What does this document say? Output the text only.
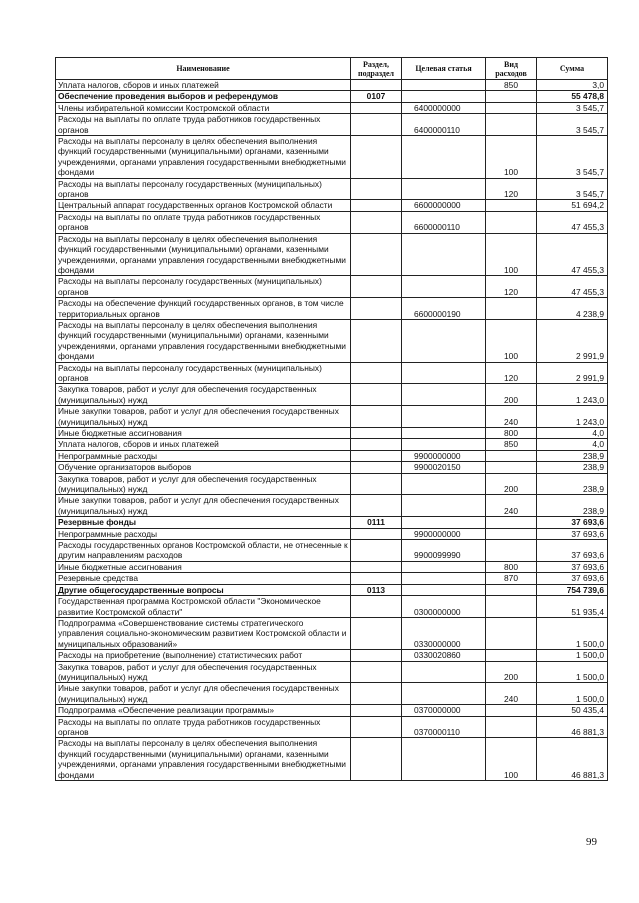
Наименование	Раздел, подраздел	Целевая статья	Вид расходов	Сумма
Уплата налогов, сборов и иных платежей			850	3,0
Обеспечение проведения выборов и референдумов	0107			55 478,8
Члены избирательной комиссии Костромской области		6400000000		3 545,7
Расходы на выплаты по оплате труда работников государственных органов		6400000110		3 545,7
Расходы на выплаты персоналу в целях обеспечения выполнения функций государственными (муниципальными) органами, казенными учреждениями, органами управления государственными внебюджетными фондами			100	3 545,7
Расходы на выплаты персоналу государственных (муниципальных) органов			120	3 545,7
Центральный аппарат государственных органов Костромской области		6600000000		51 694,2
Расходы на выплаты по оплате труда работников государственных органов		6600000110		47 455,3
Расходы на выплаты персоналу в целях обеспечения выполнения функций государственными (муниципальными) органами, казенными учреждениями, органами управления государственными внебюджетными фондами			100	47 455,3
Расходы на выплаты персоналу государственных (муниципальных) органов			120	47 455,3
Расходы на обеспечение функций государственных органов, в том числе территориальных органов		6600000190		4 238,9
Расходы на выплаты персоналу в целях обеспечения выполнения функций государственными (муниципальными) органами, казенными учреждениями, органами управления государственными внебюджетными фондами			100	2 991,9
Расходы на выплаты персоналу государственных (муниципальных) органов			120	2 991,9
Закупка товаров, работ и услуг для обеспечения государственных (муниципальных) нужд			200	1 243,0
Иные закупки товаров, работ и услуг для обеспечения государственных (муниципальных) нужд			240	1 243,0
Иные бюджетные ассигнования			800	4,0
Уплата налогов, сборов и иных платежей			850	4,0
Непрограммные расходы		9900000000		238,9
Обучение организаторов выборов		9900020150		238,9
Закупка товаров, работ и услуг для обеспечения государственных (муниципальных) нужд			200	238,9
Иные закупки товаров, работ и услуг для обеспечения государственных (муниципальных) нужд			240	238,9
Резервные фонды	0111			37 693,6
Непрограммные расходы		9900000000		37 693,6
Расходы государственных органов Костромской области, не отнесенные к другим направлениям расходов		9900099990		37 693,6
Иные бюджетные ассигнования			800	37 693,6
Резервные средства			870	37 693,6
Другие общегосударственные вопросы	0113			754 739,6
Государственная программа Костромской области "Экономическое развитие Костромской области"		0300000000		51 935,4
Подпрограмма «Совершенствование системы стратегического управления социально-экономическим развитием Костромской области и муниципальных образований»		0330000000		1 500,0
Расходы на приобретение (выполнение) статистических работ		0330020860		1 500,0
Закупка товаров, работ и услуг для обеспечения государственных (муниципальных) нужд			200	1 500,0
Иные закупки товаров, работ и услуг для обеспечения государственных (муниципальных) нужд			240	1 500,0
Подпрограмма «Обеспечение реализации программы»		0370000000		50 435,4
Расходы на выплаты по оплате труда работников государственных органов		0370000110		46 881,3
Расходы на выплаты персоналу в целях обеспечения выполнения функций государственными (муниципальными) органами, казенными учреждениями, органами управления государственными внебюджетными фондами			100	46 881,3
99
